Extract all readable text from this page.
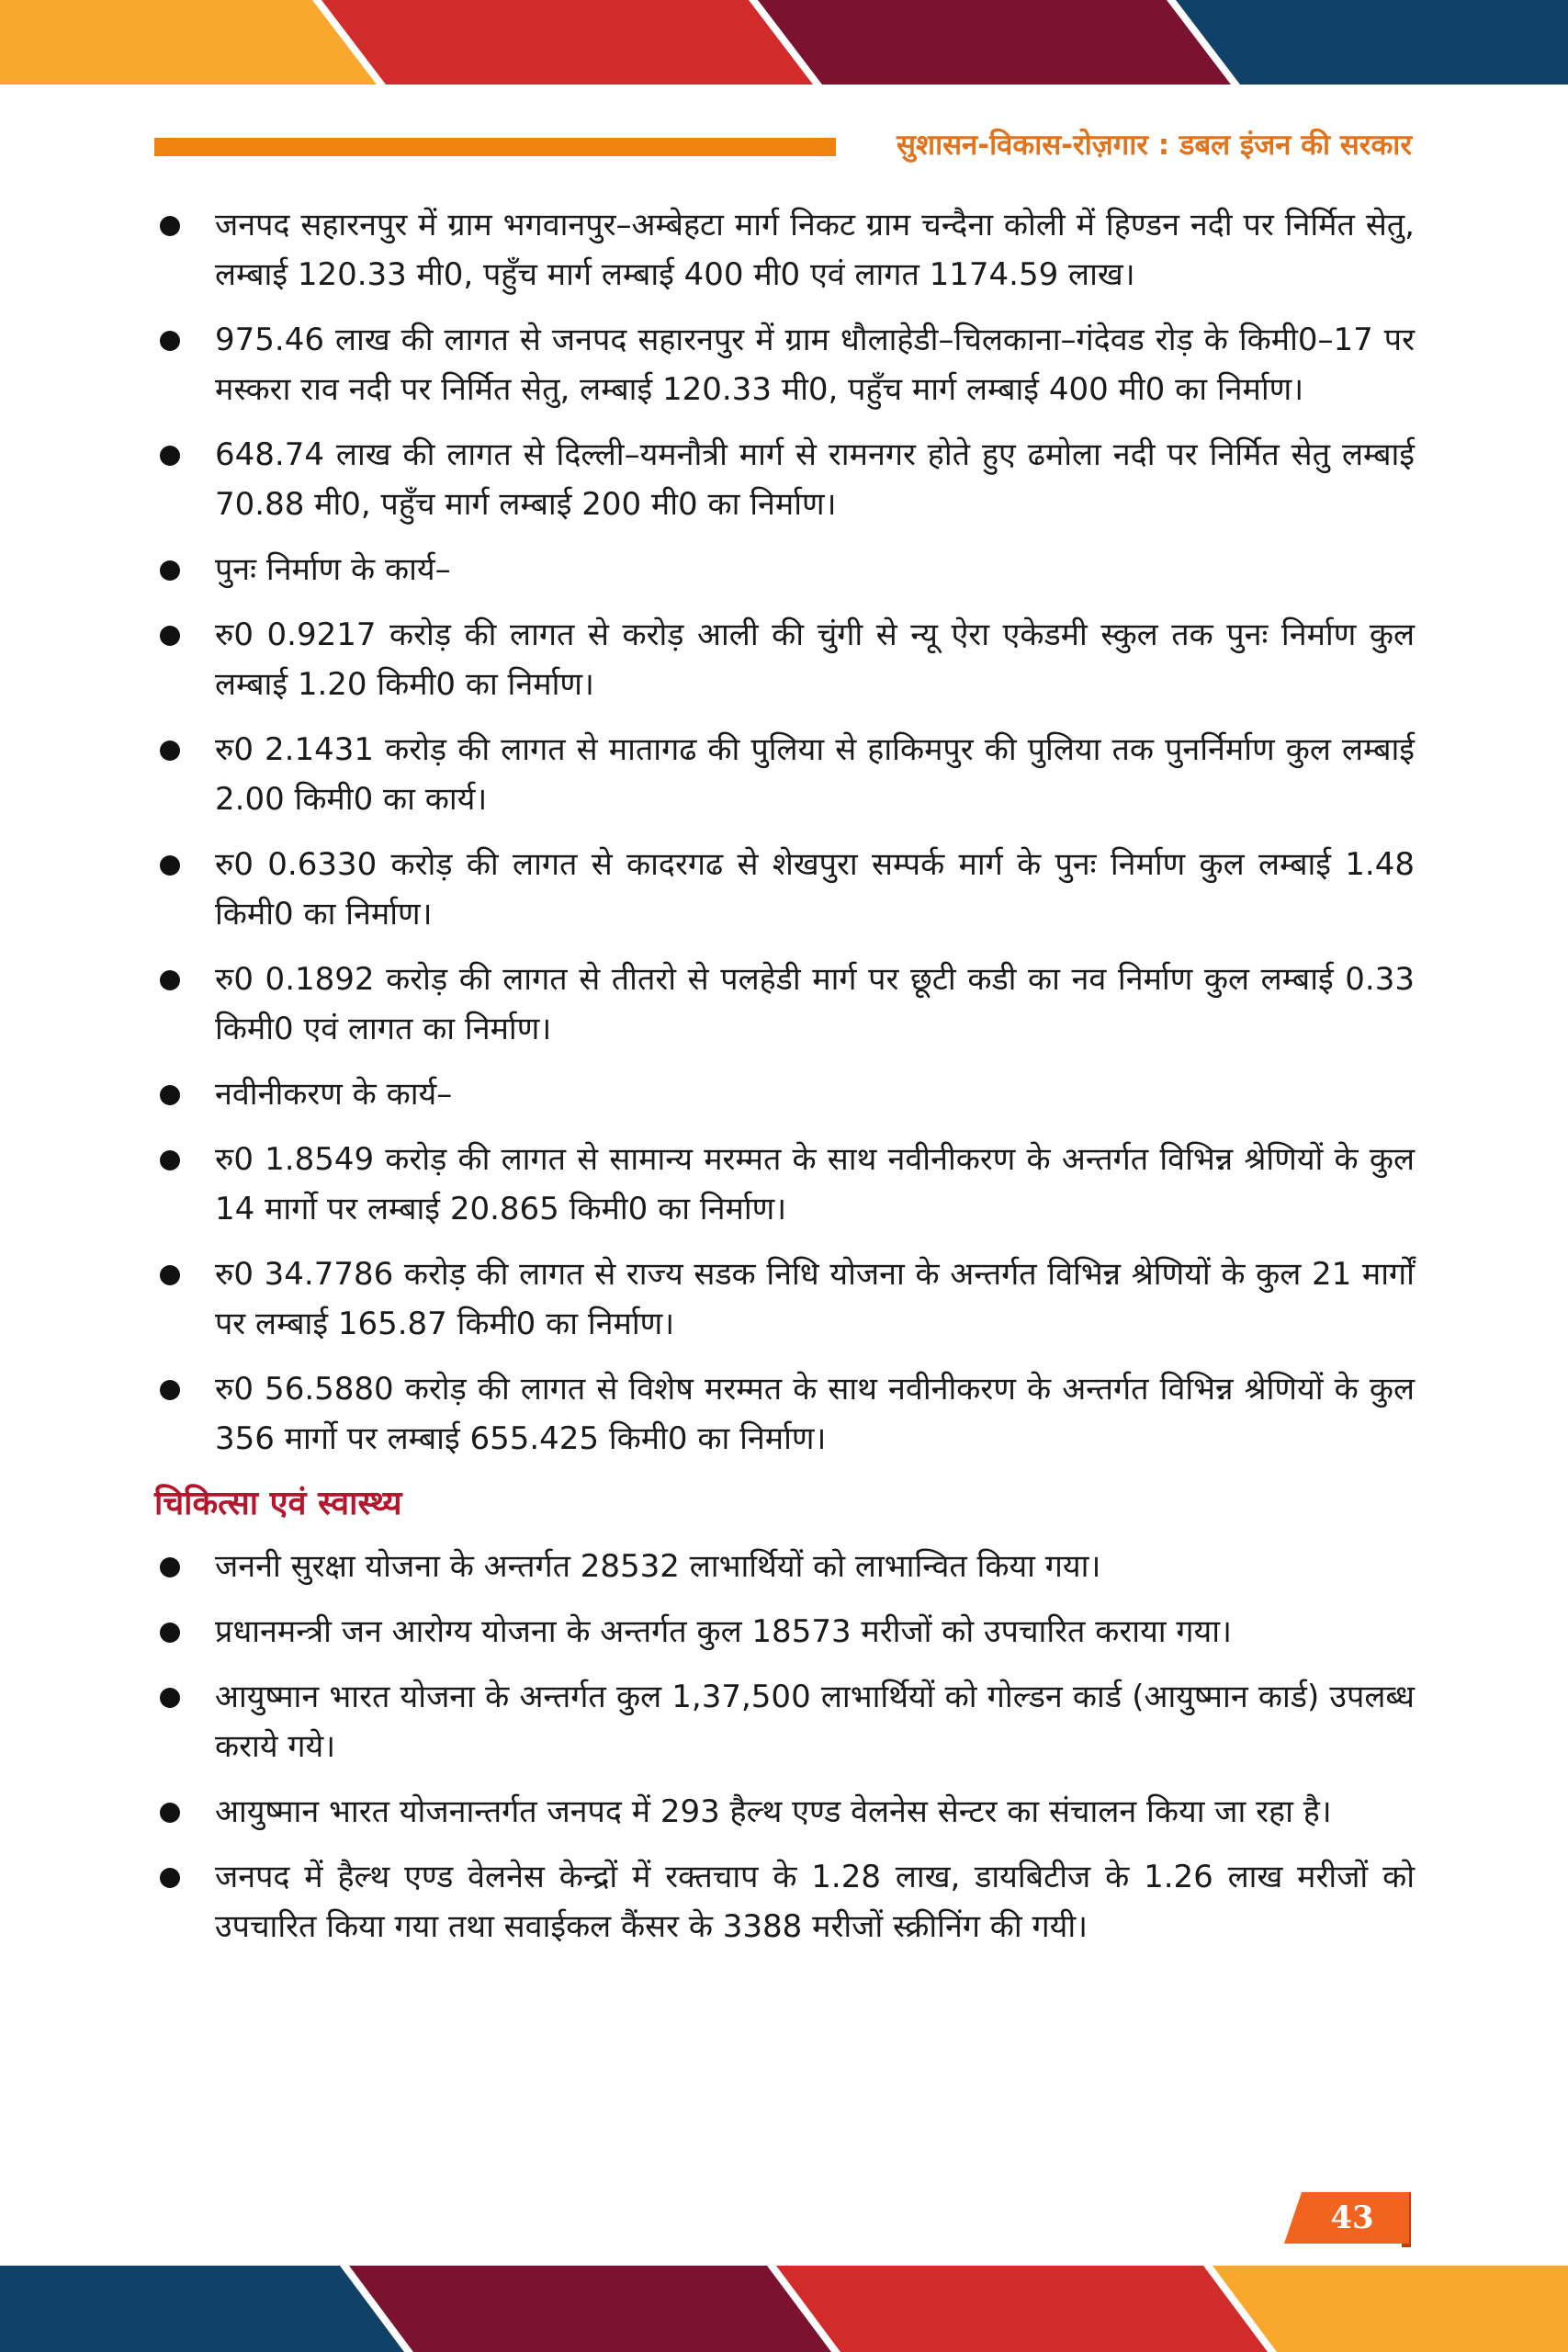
सुशासन-विकास-रोज़गार : डबल इंजन की सरकार
जनपद सहारनपुर में ग्राम भगवानपुर–अम्बेहटा मार्ग निकट ग्राम चन्दैना कोली में हिण्डन नदी पर निर्मित सेतु, लम्बाई 120.33 मी0, पहुँच मार्ग लम्बाई 400 मी0 एवं लागत 1174.59 लाख।
975.46 लाख की लागत से जनपद सहारनपुर में ग्राम धौलाहेडी–चिलकाना–गंदेवड रोड़ के किमी0–17 पर मस्करा राव नदी पर निर्मित सेतु, लम्बाई 120.33 मी0, पहुँच मार्ग लम्बाई 400 मी0 का निर्माण।
648.74 लाख की लागत से दिल्ली–यमनौत्री मार्ग से रामनगर होते हुए ढमोला नदी पर निर्मित सेतु लम्बाई 70.88 मी0, पहुँच मार्ग लम्बाई 200 मी0 का निर्माण।
पुनः निर्माण के कार्य–
रु0 0.9217 करोड़ की लागत से करोड़ आली की चुंगी से न्यू ऐरा एकेडमी स्कुल तक पुनः निर्माण कुल लम्बाई 1.20 किमी0 का निर्माण।
रु0 2.1431 करोड़ की लागत से मातागढ की पुलिया से हाकिमपुर की पुलिया तक पुनर्निर्माण कुल लम्बाई 2.00 किमी0 का कार्य।
रु0 0.6330 करोड़ की लागत से कादरगढ से शेखपुरा सम्पर्क मार्ग के पुनः निर्माण कुल लम्बाई 1.48 किमी0 का निर्माण।
रु0 0.1892 करोड़ की लागत से तीतरो से पलहेडी मार्ग पर छूटी कडी का नव निर्माण कुल लम्बाई 0.33 किमी0 एवं लागत का निर्माण।
नवीनीकरण के कार्य–
रु0 1.8549 करोड़ की लागत से सामान्य मरम्मत के साथ नवीनीकरण के अन्तर्गत विभिन्न श्रेणियों के कुल 14 मार्गो पर लम्बाई 20.865 किमी0 का निर्माण।
रु0 34.7786 करोड़ की लागत से राज्य सडक निधि योजना के अन्तर्गत विभिन्न श्रेणियों के कुल 21 मार्गों पर लम्बाई 165.87 किमी0 का निर्माण।
रु0 56.5880 करोड़ की लागत से विशेष मरम्मत के साथ नवीनीकरण के अन्तर्गत विभिन्न श्रेणियों के कुल 356 मार्गो पर लम्बाई 655.425 किमी0 का निर्माण।
चिकित्सा एवं स्वास्थ्य
जननी सुरक्षा योजना के अन्तर्गत 28532 लाभार्थियों को लाभान्वित किया गया।
प्रधानमन्त्री जन आरोग्य योजना के अन्तर्गत कुल 18573 मरीजों को उपचारित कराया गया।
आयुष्मान भारत योजना के अन्तर्गत कुल 1,37,500 लाभार्थियों को गोल्डन कार्ड (आयुष्मान कार्ड) उपलब्ध कराये गये।
आयुष्मान भारत योजनान्तर्गत जनपद में 293 हैल्थ एण्ड वेलनेस सेन्टर का संचालन किया जा रहा है।
जनपद में हैल्थ एण्ड वेलनेस केन्द्रों में रक्तचाप के 1.28 लाख, डायबिटीज के 1.26 लाख मरीजों को उपचारित किया गया तथा सवाईकल कैंसर के 3388 मरीजों स्क्रीनिंग की गयी।
43
